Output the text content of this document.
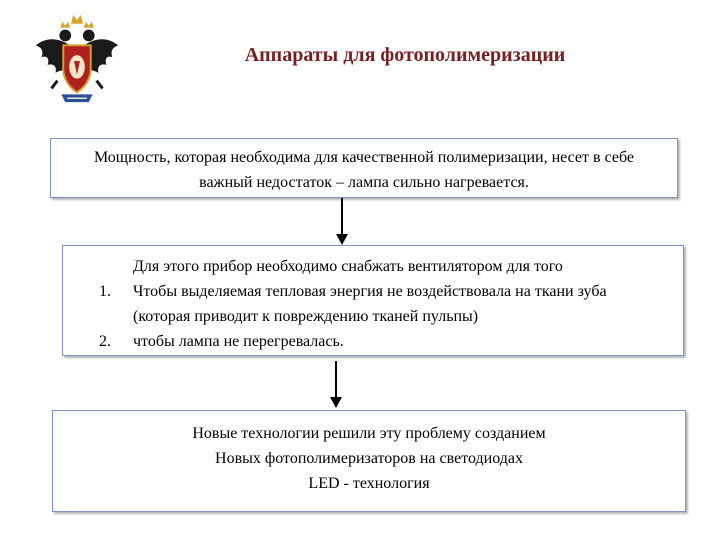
Аппараты для фотополимеризации
Мощность, которая необходима для качественной полимеризации, несет в себе
важный недостаток – лампа сильно нагревается.
Для этого прибор необходимо снабжать вентилятором для того
1. Чтобы выделяемая тепловая энергия не воздействовала на ткани зуба
(которая приводит к повреждению тканей пульпы)
2. чтобы лампа не перегревалась.
Новые технологии решили эту проблему созданием
Новых фотополимеризаторов на светодиодах
LED - технология
